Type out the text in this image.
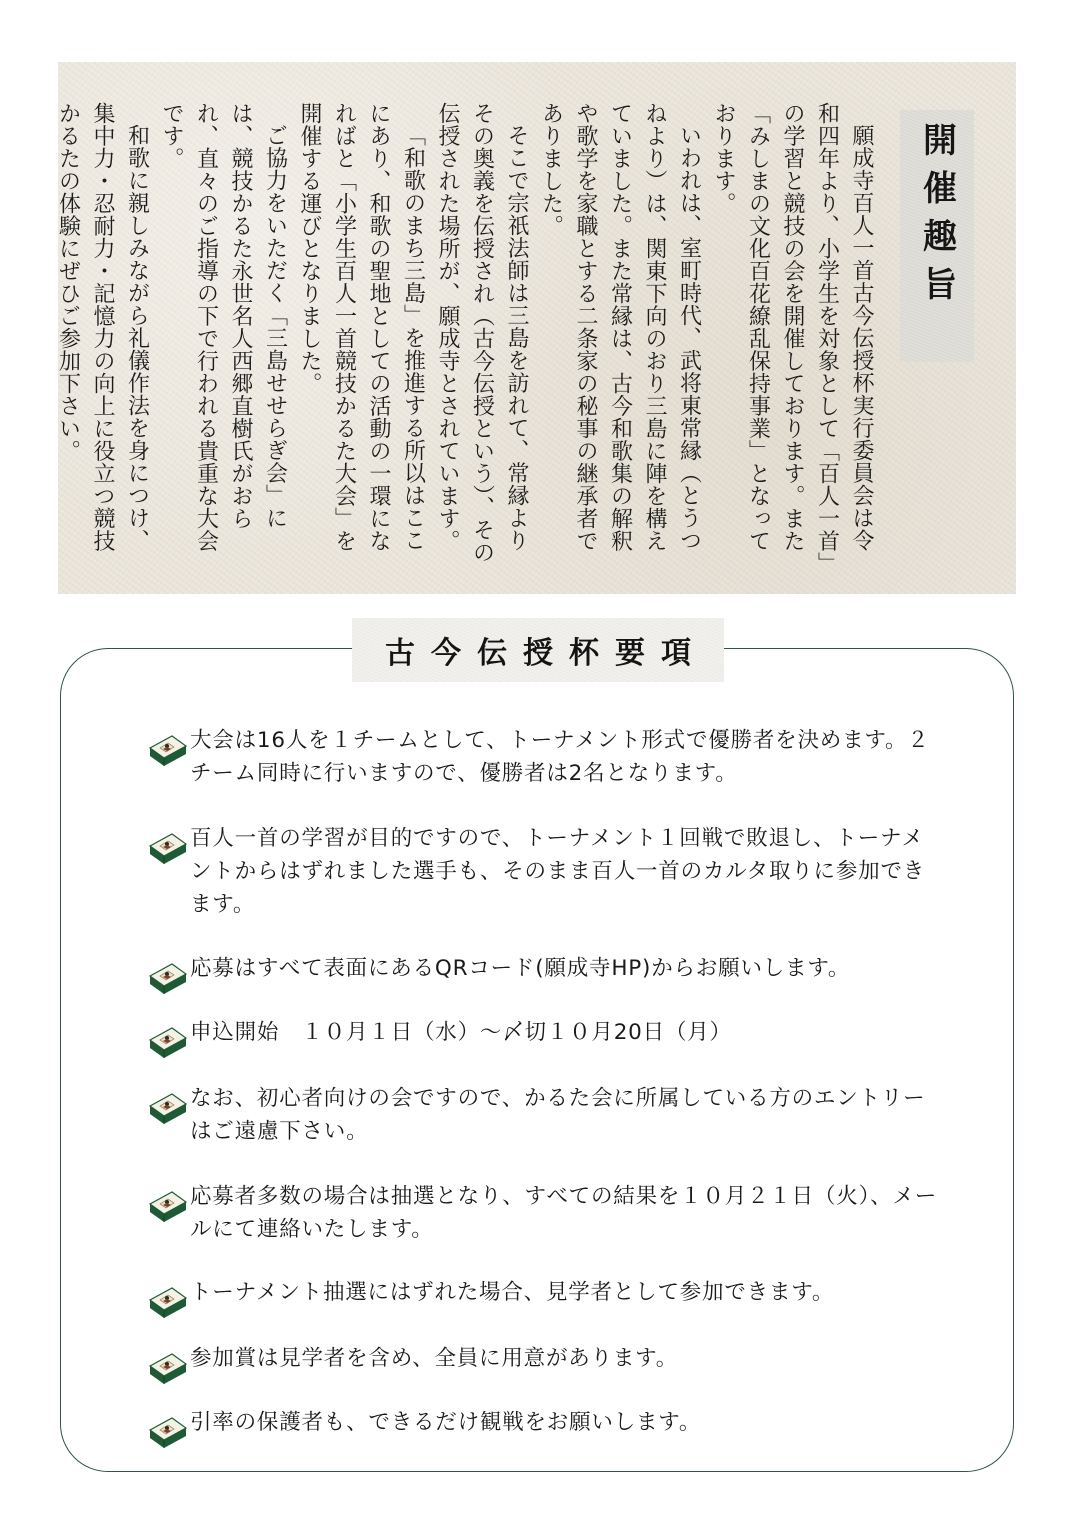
開催趣旨

願成寺百人一首古今伝授杯実行委員会は令和四年より、小学生を対象として「百人一首」の学習と競技の会を開催しております。また「みしまの文化百花繚乱保持事業」となっております。

いわれは、室町時代、武将東常縁（とうつねより）は、関東下向のおり三島に陣を構えていました。また常縁は、古今和歌集の解釈や歌学を家職とする二条家の秘事の継承者でありました。

そこで宗祇法師は三島を訪れて、常縁よりその奥義を伝授され（古今伝授という）、その伝授された場所が、願成寺とされています。

「和歌のまち三島」を推進する所以はここにあり、和歌の聖地としての活動の一環になればと「小学生百人一首競技かるた大会」を開催する運びとなりました。

ご協力をいただく「三島せせらぎ会」には、競技かるた永世名人西郷直樹氏がおられ、直々のご指導の下で行われる貴重な大会です。

和歌に親しみながら礼儀作法を身につけ、集中力・忍耐力・記憶力の向上に役立つ競技かるたの体験にぜひご参加下さい。

古今伝授杯要項
大会は16人を１チームとして、トーナメント形式で優勝者を決めます。２チーム同時に行いますので、優勝者は2名となります。
百人一首の学習が目的ですので、トーナメント１回戦で敗退し、トーナメントからはずれました選手も、そのまま百人一首のカルタ取りに参加できます。
応募はすべて表面にあるQRコード(願成寺HP)からお願いします。
申込開始　１０月１日（水）～〆切１０月20日（月）
なお、初心者向けの会ですので、かるた会に所属している方のエントリーはご遠慮下さい。
応募者多数の場合は抽選となり、すべての結果を１０月２１日（火）、メールにて連絡いたします。
トーナメント抽選にはずれた場合、見学者として参加できます。
参加賞は見学者を含め、全員に用意があります。
引率の保護者も、できるだけ観戦をお願いします。
